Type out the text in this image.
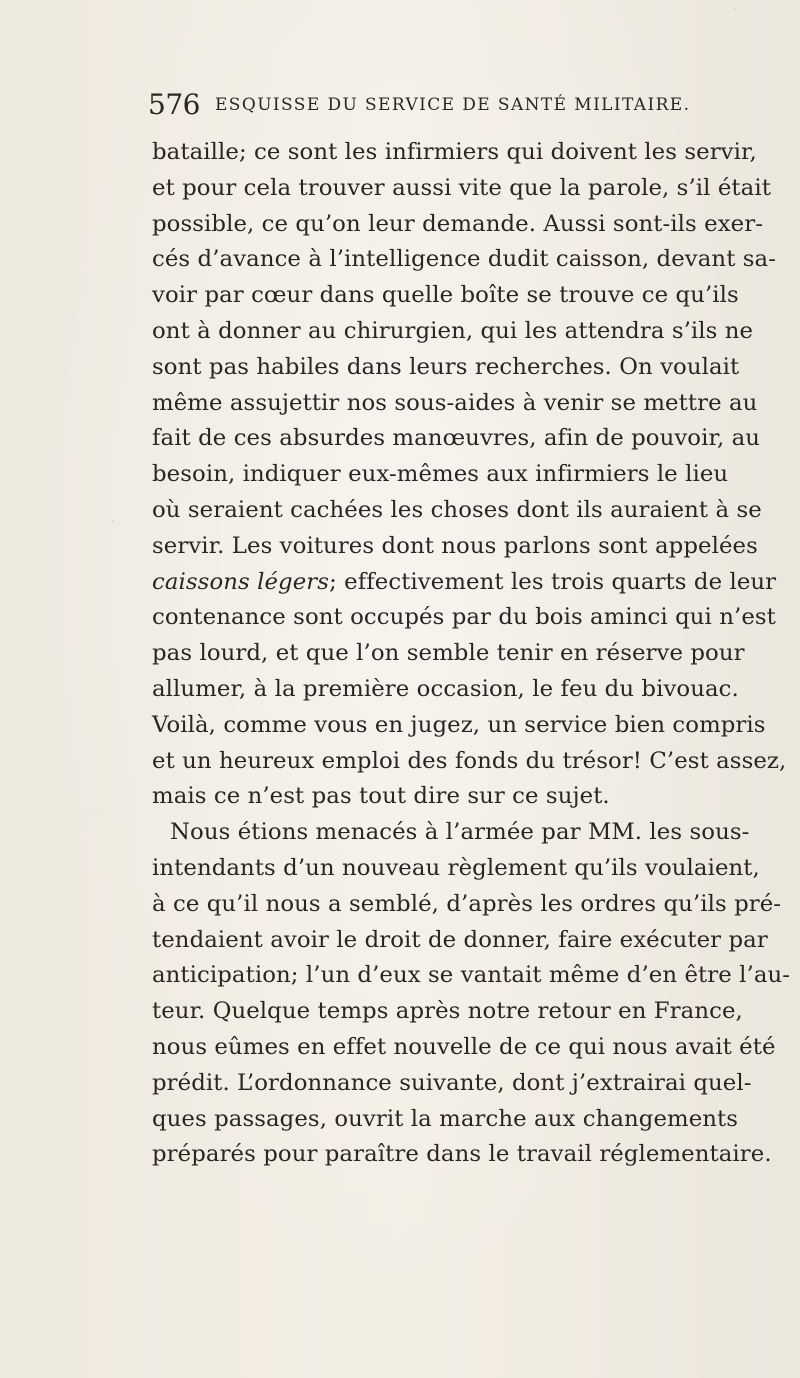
576 ESQUISSE DU SERVICE DE SANTÉ MILITAIRE.
bataille; ce sont les infirmiers qui doivent les servir,
et pour cela trouver aussi vite que la parole, s’il était
possible, ce qu’on leur demande. Aussi sont-ils exer-
cés d’avance à l’intelligence dudit caisson, devant sa-
voir par cœur dans quelle boîte se trouve ce qu’ils
ont à donner au chirurgien, qui les attendra s’ils ne
sont pas habiles dans leurs recherches. On voulait
même assujettir nos sous-aides à venir se mettre au
fait de ces absurdes manœuvres, afin de pouvoir, au
besoin, indiquer eux-mêmes aux infirmiers le lieu
où seraient cachées les choses dont ils auraient à se
servir. Les voitures dont nous parlons sont appelées
caissons légers; effectivement les trois quarts de leur
contenance sont occupés par du bois aminci qui n’est
pas lourd, et que l’on semble tenir en réserve pour
allumer, à la première occasion, le feu du bivouac.
Voilà, comme vous en jugez, un service bien compris
et un heureux emploi des fonds du trésor! C’est assez,
mais ce n’est pas tout dire sur ce sujet.
Nous étions menacés à l’armée par MM. les sous-
intendants d’un nouveau règlement qu’ils voulaient,
à ce qu’il nous a semblé, d’après les ordres qu’ils pré-
tendaient avoir le droit de donner, faire exécuter par
anticipation; l’un d’eux se vantait même d’en être l’au-
teur. Quelque temps après notre retour en France,
nous eûmes en effet nouvelle de ce qui nous avait été
prédit. L’ordonnance suivante, dont j’extrairai quel-
ques passages, ouvrit la marche aux changements
préparés pour paraître dans le travail réglementaire.
